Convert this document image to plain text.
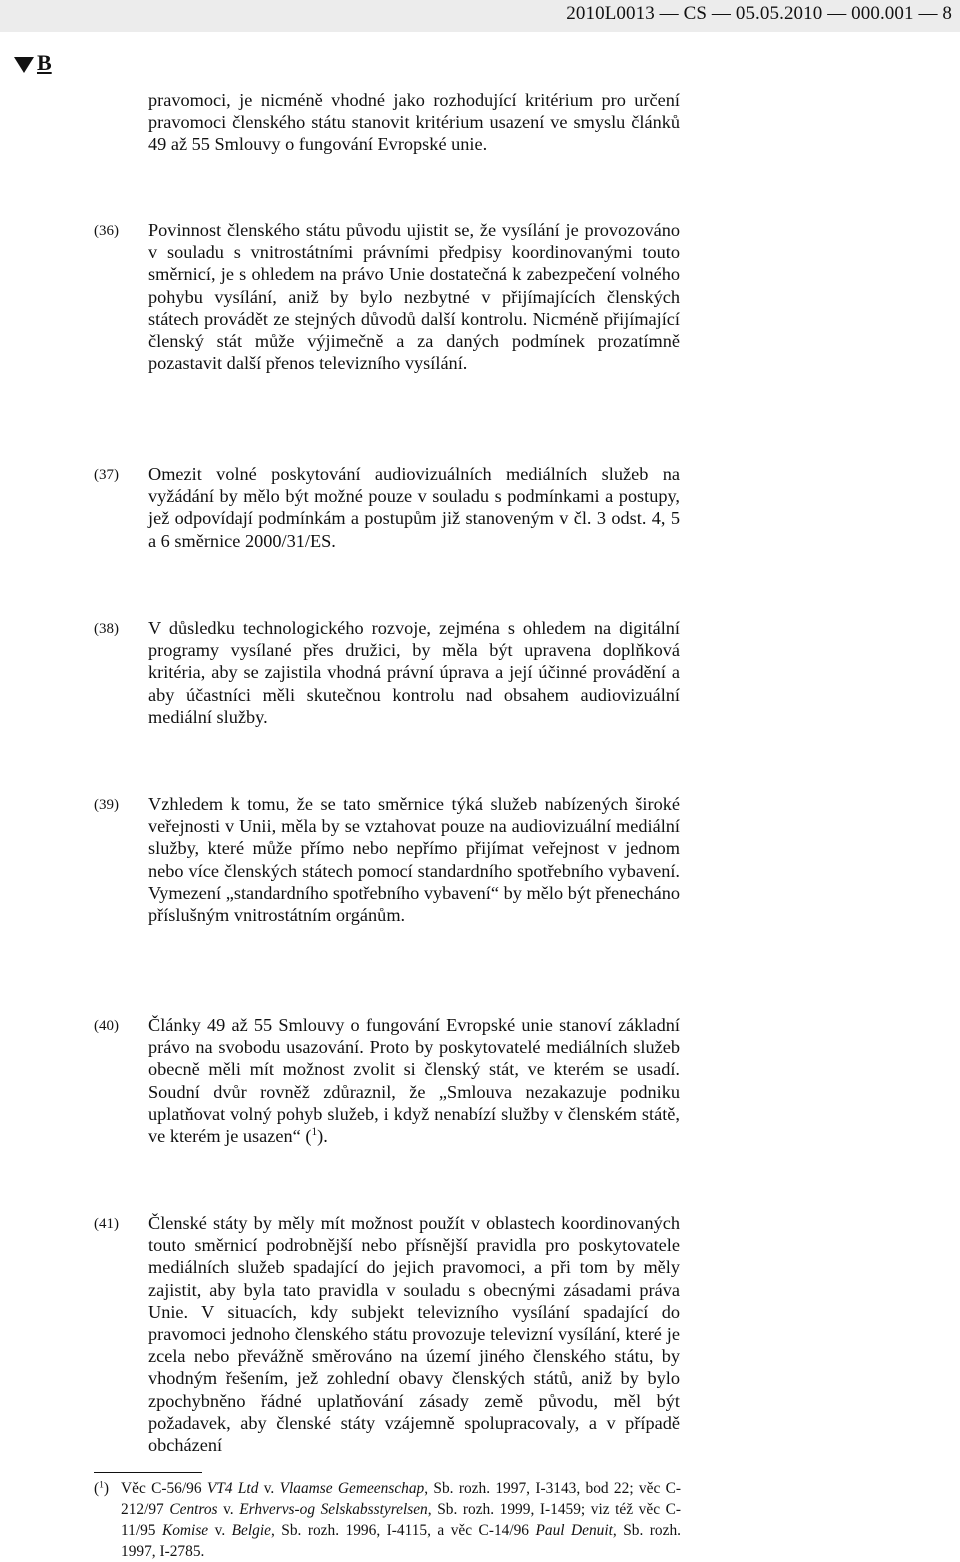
2010L0013 — CS — 05.05.2010 — 000.001 — 8
B
pravomoci, je nicméně vhodné jako rozhodující kritérium pro určení pravomoci členského státu stanovit kritérium usazení ve smyslu článků 49 až 55 Smlouvy o fungování Evropské unie.
(36) Povinnost členského státu původu ujistit se, že vysílání je provozováno v souladu s vnitrostátními právními předpisy koordinovanými touto směrnicí, je s ohledem na právo Unie dostatečná k zabezpečení volného pohybu vysílání, aniž by bylo nezbytné v přijímajících členských státech provádět ze stejných důvodů další kontrolu. Nicméně přijímající členský stát může výjimečně a za daných podmínek prozatímně pozastavit další přenos televizního vysílání.
(37) Omezit volné poskytování audiovizuálních mediálních služeb na vyžádání by mělo být možné pouze v souladu s podmínkami a postupy, jež odpovídají podmínkám a postupům již stanoveným v čl. 3 odst. 4, 5 a 6 směrnice 2000/31/ES.
(38) V důsledku technologického rozvoje, zejména s ohledem na digitální programy vysílané přes družici, by měla být upravena doplňková kritéria, aby se zajistila vhodná právní úprava a její účinné provádění a aby účastníci měli skutečnou kontrolu nad obsahem audiovizuální mediální služby.
(39) Vzhledem k tomu, že se tato směrnice týká služeb nabízených široké veřejnosti v Unii, měla by se vztahovat pouze na audiovizuální mediální služby, které může přímo nebo nepřímo přijímat veřejnost v jednom nebo více členských státech pomocí standardního spotřebního vybavení. Vymezení „standardního spotřebního vybavení“ by mělo být přenecháno příslušným vnitrostátním orgánům.
(40) Články 49 až 55 Smlouvy o fungování Evropské unie stanoví základní právo na svobodu usazování. Proto by poskytovatelé mediálních služeb obecně měli mít možnost zvolit si členský stát, ve kterém se usadí. Soudní dvůr rovněž zdůraznil, že „Smlouva nezakazuje podniku uplatňovat volný pohyb služeb, i když nenabízí služby v členském státě, ve kterém je usazen“ ($^1$).
(41) Členské státy by měly mít možnost použít v oblastech koordinovaných touto směrnicí podrobnější nebo přísnější pravidla pro poskytovatele mediálních služeb spadající do jejich pravomoci, a při tom by měly zajistit, aby byla tato pravidla v souladu s obecnými zásadami práva Unie. V situacích, kdy subjekt televizního vysílání spadající do pravomoci jednoho členského státu provozuje televizní vysílání, které je zcela nebo převážně směrováno na území jiného členského státu, by vhodným řešením, jež zohlední obavy členských států, aniž by bylo zpochybněno řádné uplatňování zásady země původu, měl být požadavek, aby členské státy vzájemně spolupracovaly, a v případě obcházení
($^1$) Věc C-56/96 VT4 Ltd v. Vlaamse Gemeenschap, Sb. rozh. 1997, I-3143, bod 22; věc C-212/97 Centros v. Erhvervs-og Selskabsstyrelsen, Sb. rozh. 1999, I-1459; viz též věc C-11/95 Komise v. Belgie, Sb. rozh. 1996, I-4115, a věc C-14/96 Paul Denuit, Sb. rozh. 1997, I-2785.
